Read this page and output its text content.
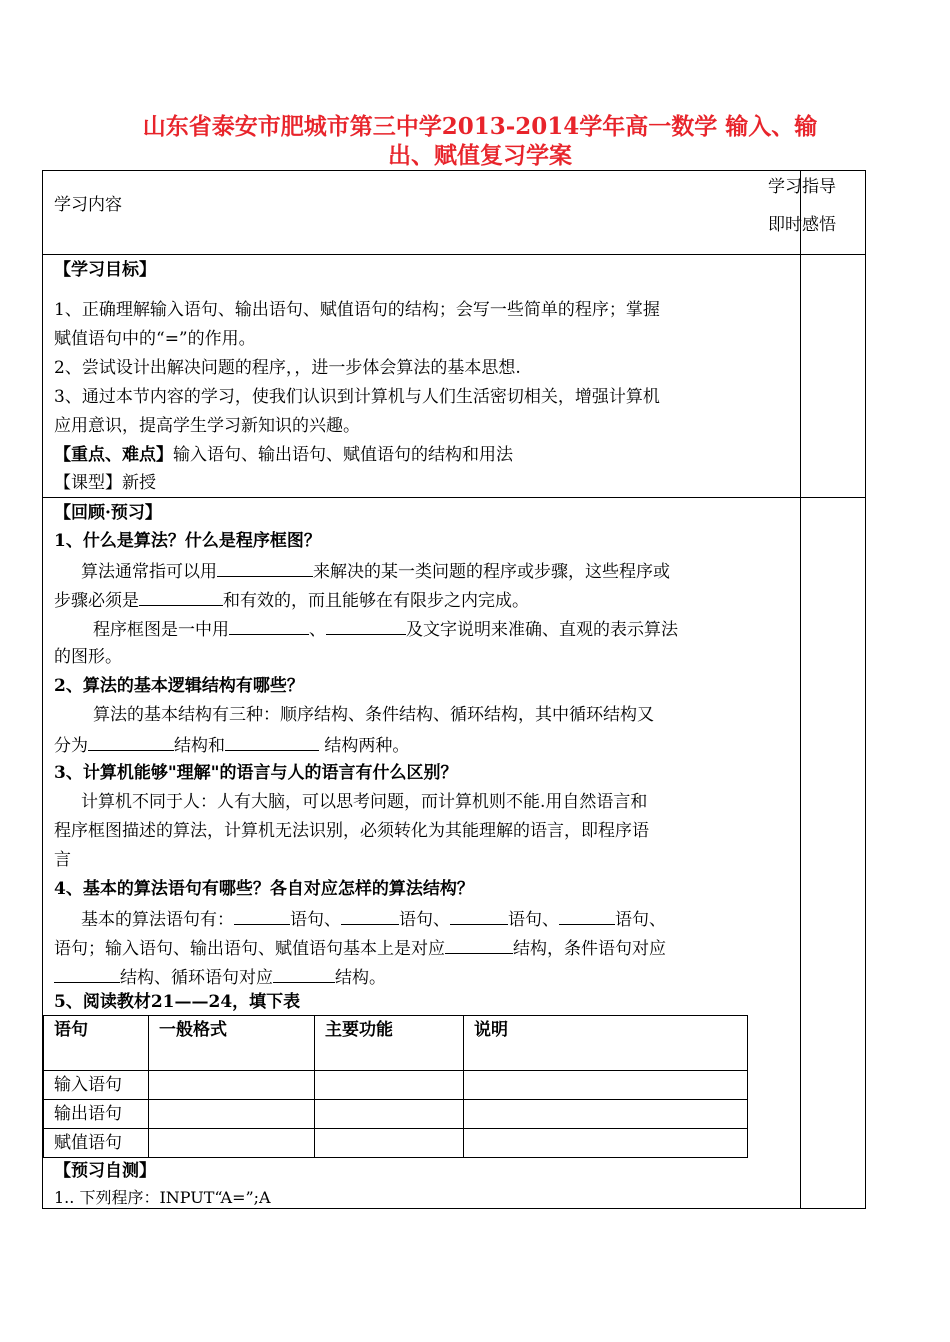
山东省泰安市肥城市第三中学2013-2014学年高一数学 输入、输
出、赋值复习学案
学习内容
学习指导
即时感悟
【学习目标】
1、正确理解输入语句、输出语句、赋值语句的结构；会写一些简单的程序；掌握
赋值语句中的“=”的作用。
2、尝试设计出解决问题的程序，，进一步体会算法的基本思想.
3、通过本节内容的学习，使我们认识到计算机与人们生活密切相关，增强计算机
应用意识，提高学生学习新知识的兴趣。
【重点、难点】输入语句、输出语句、赋值语句的结构和用法
【课型】新授
【回顾·预习】
1、什么是算法？什么是程序框图？
算法通常指可以用	来解决的某一类问题的程序或步骤，这些程序或
步骤必须是	和有效的，而且能够在有限步之内完成。
程序框图是一中用	、	及文字说明来准确、直观的表示算法
的图形。
2、算法的基本逻辑结构有哪些？
算法的基本结构有三种：顺序结构、条件结构、循环结构，其中循环结构又
分为	结构和	结构两种。
3、计算机能够"理解"的语言与人的语言有什么区别？
计算机不同于人：人有大脑，可以思考问题，而计算机则不能.用自然语言和
程序框图描述的算法，计算机无法识别，必须转化为其能理解的语言，即程序语
言
4、基本的算法语句有哪些？各自对应怎样的算法结构？
基本的算法语句有：	语句、	语句、	语句、	语句、
语句；输入语句、输出语句、赋值语句基本上是对应	结构，条件语句对应
结构、循环语句对应	结构。
5、阅读教材21——24，填下表
语句	一般格式	主要功能	说明
输入语句			
输出语句			
赋值语句			
【预习自测】
1.. 下列程序：INPUT“A=”;A
